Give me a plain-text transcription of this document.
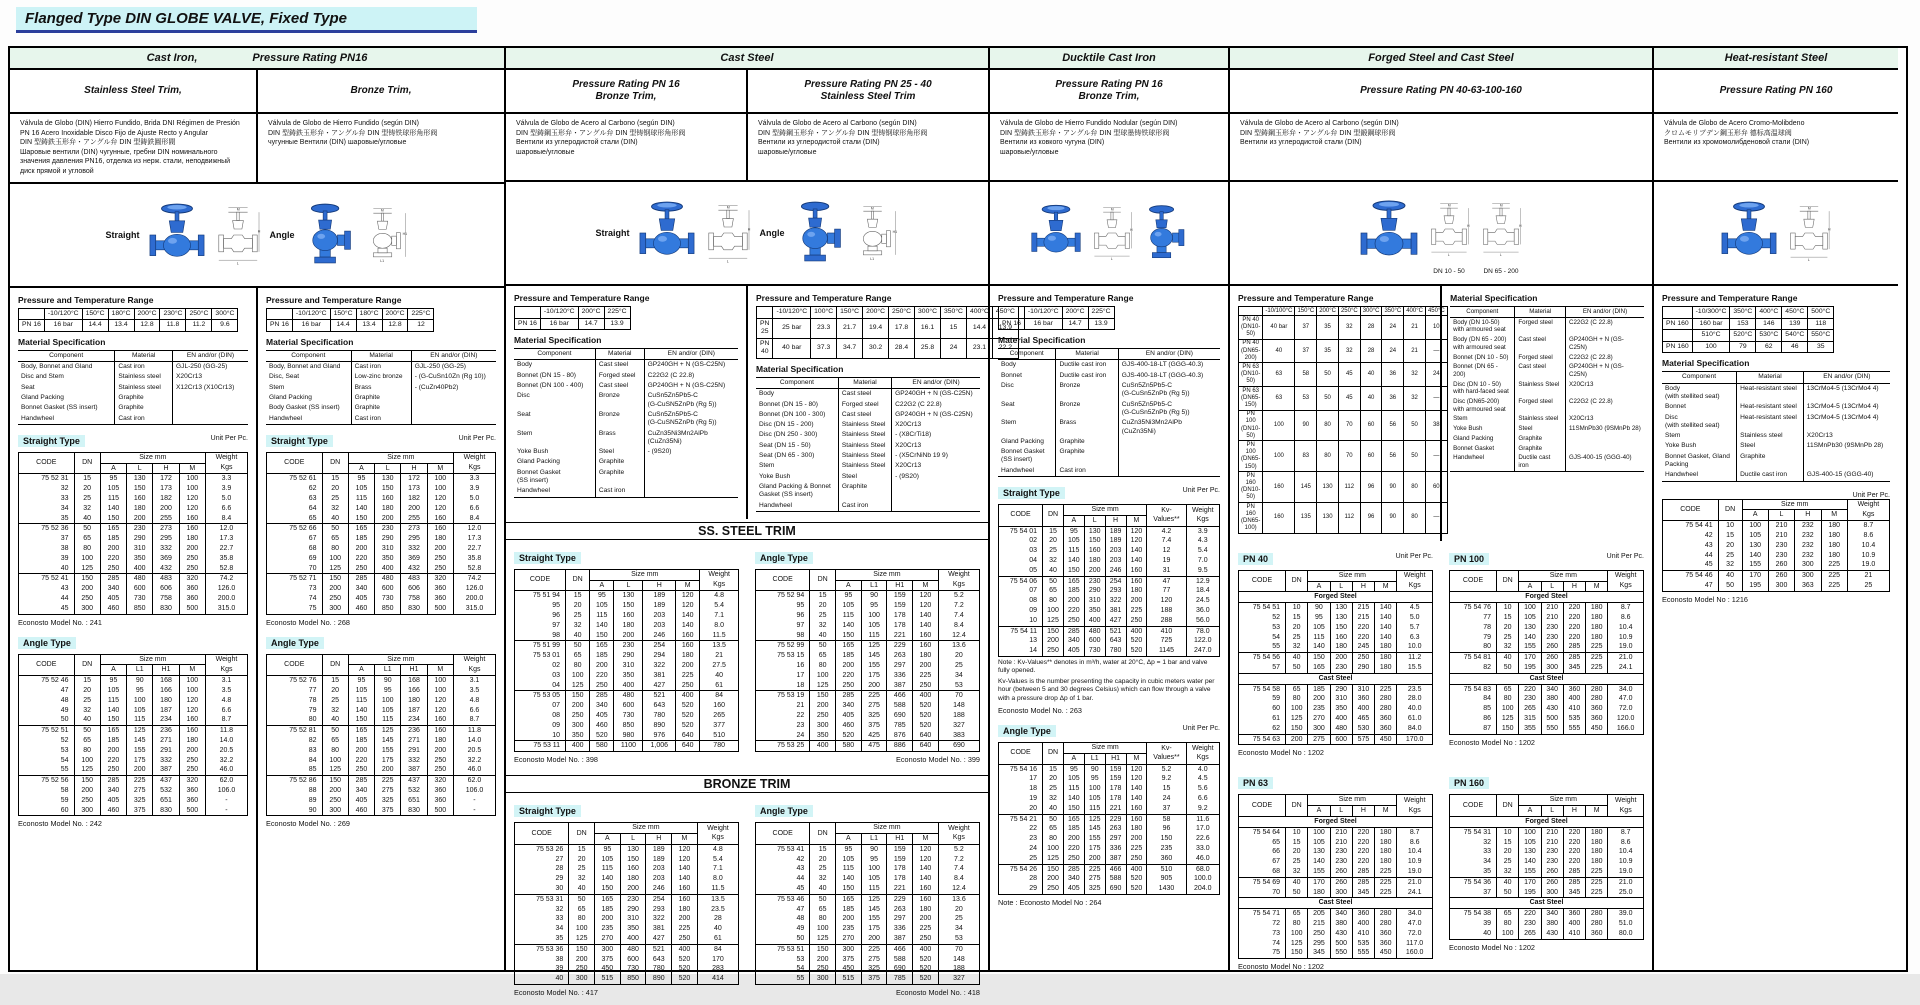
Flanged Type DIN GLOBE VALVE, Fixed Type
Cast Iron,	Pressure Rating PN16
Stainless Steel Trim,	Bronze Trim,
Válvula de Globo (DIN) Hierro Fundido, Brida DNI Régimen de Presión PN 16 Acero Inoxidable Disco Fijo de Ajuste Recto y Angular
DIN 型鋳鉄玉形弁・アングル弁 DIN 型鋳鉄圓形閥
Шаровые вентили (DIN) чугунные, гребни DIN номинального значения давления PN16, отделка из нерж. стали, неподвижный диск прямой и угловой
Válvula de Globo de Hierro Fundido (según DIN)
DIN 型鋳鉄玉形弁・アングル弁 DIN 型铸铁球形角形阀
чугунные Вентили (DIN) шаровые/угловые
Straight	Angle
Pressure and Temperature Range
	-10/120°C	150°C	180°C	200°C	230°C	250°C	300°C
PN 16	16 bar	14.4	13.4	12.8	11.8	11.2	9.6
Material Specification
Component	Material	EN and/or (DIN)
Body, Bonnet and Gland	Cast iron	GJL-250 (GG-25)
Disc and Stem	Stainless steel	X20Cr13
Seat	Stainless steel	X12Cr13 (X10Cr13)
Gland Packing	Graphite	
Bonnet Gasket (SS insert)	Graphite	
Handwheel	Cast iron	
Straight Type	Unit Per Pc.
CODE	DN	Size mm				Weight
Kgs
		A	L	H	M	
75 52 31	15	95	130	172	100	3.3
32	20	105	150	173	100	3.9
33	25	115	160	182	120	5.0
34	32	140	180	200	120	6.6
35	40	150	200	255	160	8.4
75 52 36	50	165	230	273	160	12.0
37	65	185	290	295	180	17.3
38	80	200	310	332	200	22.7
39	100	220	350	369	250	35.8
40	125	250	400	432	250	52.8
75 52 41	150	285	480	483	320	74.2
43	200	340	600	606	360	126.0
44	250	405	730	758	360	200.0
45	300	460	850	830	500	315.0
Econosto Model No. : 241
Angle Type
CODE	DN	Size mm				Weight
Kgs
		A	L1	H1	M	
75 52 46	15	95	90	168	100	3.1
47	20	105	95	166	100	3.5
48	25	115	100	180	120	4.8
49	32	140	105	187	120	6.6
50	40	150	115	234	160	8.7
75 52 51	50	165	125	236	160	11.8
52	65	185	145	271	180	14.0
53	80	200	155	291	200	20.5
54	100	220	175	332	250	32.2
55	125	250	200	387	250	46.0
75 52 56	150	285	225	437	320	62.0
58	200	340	275	532	360	106.0
59	250	405	325	651	360	-
60	300	460	375	830	500	-
Econosto Model No. : 242
Pressure and Temperature Range
	-10/120°C	150°C	180°C	200°C	225°C
PN 16	16 bar	14.4	13.4	12.8	12
Material Specification
Component	Material	EN and/or (DIN)
Body, Bonnet and Gland	Cast iron	GJL-250 (GG-25)
Disc, Seat	Low-zinc bronze	- (G-CuSn10Zn (Rg 10))
Stem	Brass	- (CuZn40Pb2)
Gland Packing	Graphite	
Body Gasket (SS insert)	Graphite	
Handwheel	Cast iron	
Straight Type	Unit Per Pc.
CODE	DN	Size mm				Weight
Kgs
		A	L	H	M	
75 52 61	15	95	130	172	100	3.3
62	20	105	150	173	100	3.9
63	25	115	160	182	120	5.0
64	32	140	180	200	120	6.6
65	40	150	200	255	160	8.4
75 52 66	50	165	230	273	160	12.0
67	65	185	290	295	180	17.3
68	80	200	310	332	200	22.7
69	100	220	350	369	250	35.8
70	125	250	400	432	250	52.8
75 52 71	150	285	480	483	320	74.2
73	200	340	600	606	360	126.0
74	250	405	730	758	360	200.0
75	300	460	850	830	500	315.0
Econosto Model No. : 268
Angle Type
CODE	DN	Size mm				Weight
Kgs
		A	L1	H1	M	
75 52 76	15	95	90	168	100	3.1
77	20	105	95	166	100	3.5
78	25	115	100	180	120	4.8
79	32	140	105	187	120	6.6
80	40	150	115	234	160	8.7
75 52 81	50	165	125	236	160	11.8
82	65	185	145	271	180	14.0
83	80	200	155	291	200	20.5
84	100	220	175	332	250	32.2
85	125	250	200	387	250	46.0
75 52 86	150	285	225	437	320	62.0
88	200	340	275	532	360	106.0
89	250	405	325	651	360	-
90	300	460	375	830	500	-
Econosto Model No. : 269
Cast Steel
Pressure Rating PN 16
Bronze Trim,
Pressure Rating PN 25 - 40
Stainless Steel Trim
Válvula de Globo de Acero al Carbono (según DIN)
DIN 型鋳鋼玉形弁・アングル弁 DIN 型铸钢球形角形阀
Вентили из углеродистой стали (DIN)
шаровые/угловые
Válvula de Globo de Acero al Carbono (según DIN)
DIN 型鋳鋼玉形弁・アングル弁 DIN 型铸钢球形角形阀
Вентили из углеродистой стали (DIN)
шаровые/угловые
Straight	Angle
Pressure and Temperature Range
	-10/120°C	200°C	225°C
PN 16	16 bar	14.7	13.9
Material Specification
Component	Material	EN and/or (DIN)
Body	Cast steel	GP240GH + N (GS-C25N)
Bonnet (DN 15 - 80)	Forged steel	C22G2 (C 22.8)
Bonnet (DN 100 - 400)	Cast steel	GP240GH + N (GS-C25N)
Disc	Bronze	CuSn5Zn5Pb5-C
(G-CuSN5ZnPb (Rg 5))
Seat	Bronze	CuSn5Zn5Pb5-C
(G-CuSN5ZnPb (Rg 5))
Stem	Brass	CuZn35Ni3Mn2AlPb
(CuZn35Ni)
Yoke Bush	Steel	- (9S20)
Gland Packing	Graphite	
Bonnet Gasket
(SS insert)	Graphite	
Handwheel	Cast iron	
Pressure and Temperature Range
	-10/120°C	100°C	150°C	200°C	250°C	300°C	350°C	400°C	450°C
PN 25	25 bar	23.3	21.7	19.4	17.8	16.1	15	14.4	13.9
PN 40	40 bar	37.3	34.7	30.2	28.4	25.8	24	23.1	22.2
Material Specification
Component	Material	EN and/or (DIN)
Body	Cast steel	GP240GH + N (GS-C25N)
Bonnet (DN 15 - 80)	Forged steel	C22G2 (C 22.8)
Bonnet (DN 100 - 300)	Cast steel	GP240GH + N (GS-C25N)
Disc (DN 15 - 200)	Stainless Steel	X20Cr13
Disc (DN 250 - 300)	Stainless Steel	- (X8CrTi18)
Seat (DN 15 - 50)	Stainless Steel	X20Cr13
Seat (DN 65 - 300)	Stainless Steel	- (X5CrNiNb 19 9)
Stem	Stainless Steel	X20Cr13
Yoke Bush	Steel	- (9S20)
Gland Packing & Bonnet
Gasket (SS insert)	Graphite	
Handwheel	Cast iron	
SS. STEEL TRIM
Straight Type
CODE	DN	Size mm				Weight
Kgs
		A	L	H	M	
75 51 94	15	95	130	189	120	4.8
95	20	105	150	189	120	5.4
96	25	115	160	203	140	7.1
97	32	140	180	203	140	8.0
98	40	150	200	246	160	11.5
75 51 99	50	165	230	254	160	13.5
75 53 01	65	185	290	294	180	21
02	80	200	310	322	200	27.5
03	100	220	350	381	225	40
04	125	250	400	427	250	61
75 53 05	150	285	480	521	400	84
07	200	340	600	643	520	160
08	250	405	730	780	520	265
09	300	460	850	890	520	377
10	350	520	980	976	640	510
75 53 11	400	580	1100	1,006	640	780
Econosto Model No. : 398
Angle Type
CODE	DN	Size mm				Weight
Kgs
		A	L1	H1	M	
75 52 94	15	95	90	159	120	5.2
95	20	105	95	159	120	7.2
96	25	115	100	178	140	7.4
97	32	140	105	178	140	8.4
98	40	150	115	221	160	12.4
75 52 99	50	165	125	229	160	13.6
75 53 15	65	185	145	263	180	20
16	80	200	155	297	200	25
17	100	220	175	336	225	34
18	125	250	200	387	250	53
75 53 19	150	285	225	466	400	70
21	200	340	275	588	520	148
22	250	405	325	690	520	188
23	300	460	375	785	520	327
24	350	520	425	876	640	383
75 53 25	400	580	475	886	640	690
Econosto Model No. : 399
BRONZE TRIM
Straight Type
CODE	DN	Size mm				Weight
Kgs
		A	L	H	M	
75 53 26	15	95	130	189	120	4.8
27	20	105	150	189	120	5.4
28	25	115	160	203	140	7.1
29	32	140	180	203	140	8.0
30	40	150	200	246	160	11.5
75 53 31	50	165	230	254	160	13.5
32	65	185	290	293	180	23.5
33	80	200	310	322	200	28
34	100	235	350	381	225	40
35	125	270	400	427	250	61
75 53 36	150	300	480	521	400	84
38	200	375	600	643	520	170
39	250	450	730	780	520	283
40	300	515	850	890	520	414
Econosto Model No. : 417
Angle Type
CODE	DN	Size mm				Weight
Kgs
		A	L1	H1	M	
75 53 41	15	95	90	159	120	5.2
42	20	105	95	159	120	7.2
43	25	115	100	178	140	7.4
44	32	140	105	178	140	8.4
45	40	150	115	221	160	12.4
75 53 46	50	165	125	229	160	13.6
47	65	185	145	263	180	20
48	80	200	155	297	200	25
49	100	235	175	336	225	34
50	125	270	200	387	250	53
75 53 51	150	300	225	466	400	70
53	200	375	275	588	520	148
54	250	450	325	690	520	188
55	300	515	375	785	520	327
Econosto Model No. : 418
Ducktile Cast Iron
Pressure Rating PN 16
Bronze Trim,
Válvula de Globo de Hierro Fundido Nodular (según DIN)
DIN 型鋳鉄玉形弁・アングル弁 DIN 型球墨铸铁球形阀
Вентили из ковкого чугуна (DIN)
шаровые/угловые
Pressure and Temperature Range
	-10/120°C	200°C	225°C
PN 16	16 bar	14.7	13.9
Material Specification
Component	Material	EN and/or (DIN)
Body	Ductile cast iron	GJS-400-18-LT (GGG-40.3)
Bonnet	Ductile cast iron	GJS-400-18-LT (GGG-40.3)
Disc	Bronze	CuSn5Zn5Pb5-C
(G-CuSn5ZnPb (Rg 5))
Seat	Bronze	CuSn5Zn5Pb5-C
(G-CuSn5ZnPb (Rg 5))
Stem	Brass	CuZn35Ni3Mn2AlPb
(CuZn35Ni)
Gland Packing	Graphite	
Bonnet Gasket
(SS insert)	Graphite	
Handwheel	Cast iron	
Straight Type	Unit Per Pc.
CODE	DN	Size mm				Kv-
Values**	Weight
Kgs
		A	L	H	M		
75 54 01	15	95	130	189	120	4.2	3.9
02	20	105	150	189	120	7.4	4.3
03	25	115	160	203	140	12	5.4
04	32	140	180	203	140	19	7.0
05	40	150	200	246	160	31	9.5
75 54 06	50	165	230	254	160	47	12.9
07	65	185	290	293	180	77	18.4
08	80	200	310	322	200	120	24.5
09	100	220	350	381	225	188	36.0
10	125	250	400	427	250	288	56.0
75 54 11	150	285	480	521	400	410	78.0
13	200	340	600	643	520	725	122.0
14	250	405	730	780	520	1145	247.0
Note : Kv-Values** denotes in m³/h, water at 20°C, Δp = 1 bar and valve fully opened.
Kv-Values is the number presenting the capacity in cubic meters water per hour (between 5 and 30 degrees Celsius) which can flow through a valve with a pressure drop Δp of 1 bar.
Econosto Model No. : 263
Angle Type	Unit Per Pc.
CODE	DN	Size mm				Kv-
Values**	Weight
Kgs
		A	L1	H1	M		
75 54 16	15	95	90	159	120	5.2	4.0
17	20	105	95	159	120	9.2	4.5
18	25	115	100	178	140	15	5.6
19	32	140	105	178	140	24	6.6
20	40	150	115	221	160	37	9.2
75 54 21	50	165	125	229	160	58	11.6
22	65	185	145	263	180	96	17.0
23	80	200	155	297	200	150	22.6
24	100	220	175	336	225	235	33.0
25	125	250	200	387	250	360	46.0
75 54 26	150	285	225	466	400	510	68.0
28	200	340	275	588	520	905	100.0
29	250	405	325	690	520	1430	204.0
Note : Econosto Model No : 264
Forged Steel and Cast Steel
Pressure Rating PN 40-63-100-160
Válvula de Globo de Acero al Carbono (según DIN)
DIN 型鋳鋼玉形弁・アングル弁 DIN 型鍛鋼球形阀
Вентили из углеродистой стали (DIN)
DN 10 - 50	DN 65 - 200
Pressure and Temperature Range
	-10/100°C	150°C	200°C	250°C	300°C	350°C	400°C	450°C
PN 40
(DN10-50)	40 bar	37	35	32	28	24	21	10
PN 40
(DN65-200)	40	37	35	32	28	24	21	—
PN 63
(DN10-50)	63	58	50	45	40	36	32	24
PN 63
(DN65-150)	63	53	50	45	40	36	32	—
PN 100
(DN10-50)	100	90	80	70	60	56	50	38
PN 100
(DN65-150)	100	83	80	70	60	56	50	—
PN 160
(DN10-50)	160	145	130	112	96	90	80	60
PN 160
(DN65-100)	160	135	130	112	96	90	80	—
Material Specification
Component	Material	EN and/or (DIN)
Body (DN 10-50)
with armoured seat	Forged steel	C22G2 (C 22.8)
Body (DN 65 - 200)
with armoured seat	Cast steel	GP240GH + N (GS-C25N)
Bonnet (DN 10 - 50)	Forged steel	C22G2 (C 22.8)
Bonnet (DN 65 - 200)	Cast steel	GP240GH + N (GS-C25N)
Disc (DN 10 - 50)
with hard-faced seat	Stainless Steel	X20Cr13
Disc (DN65-200)
with armoured seat	Forged steel	C22G2 (C 22.8)
Stem	Stainless steel	X20Cr13
Yoke Bush	Steel	11SMnPb30 (9SMnPb 28)
Gland Packing	Graphite	
Bonnet Gasket	Graphite	
Handwheel	Ductile cast iron	GJS-400-15 (GGG-40)
PN 40	Unit Per Pc.
CODE	DN	Size mm				Weight
Kgs
		A	L	H	M	
Forged Steel						
75 54 51	10	90	130	215	140	4.5
52	15	95	130	215	140	5.0
53	20	105	150	220	140	5.7
54	25	115	160	220	140	6.3
55	32	140	180	245	180	10.0
75 54 56	40	150	200	250	180	11.2
57	50	165	230	290	180	15.5
Cast Steel						
75 54 58	65	185	290	310	225	23.5
59	80	200	310	360	280	28.0
60	100	235	350	400	280	40.0
61	125	270	400	465	360	61.0
62	150	300	480	530	360	84.0
75 54 63	200	275	600	575	450	170.0
Econosto Model No : 1202
PN 100	Unit Per Pc.
CODE	DN	Size mm				Weight
Kgs
		A	L	H	M	
Forged Steel						
75 54 76	10	100	210	220	180	8.7
77	15	105	210	220	180	8.6
78	20	130	230	220	180	10.4
79	25	140	230	220	180	10.9
80	32	155	260	285	225	19.0
75 54 81	40	170	260	285	225	21.0
82	50	195	300	345	225	24.1
Cast Steel						
75 54 83	65	220	340	360	280	34.0
84	80	230	380	400	280	47.0
85	100	265	430	410	360	72.0
86	125	315	500	535	360	120.0
87	150	355	550	555	450	166.0
Econosto Model No : 1202
PN 63
CODE	DN	Size mm				Weight
Kgs
		A	L	H	M	
Forged Steel						
75 54 64	10	100	210	220	180	8.7
65	15	105	210	220	180	8.6
66	20	130	230	220	180	10.4
67	25	140	230	220	180	10.9
68	32	155	260	285	225	19.0
75 54 69	40	170	260	285	225	21.0
70	50	180	300	345	225	24.1
Cast Steel						
75 54 71	65	205	340	360	280	34.0
72	80	215	380	400	280	47.0
73	100	250	430	410	360	72.0
74	125	295	500	535	360	117.0
75	150	345	550	555	450	160.0
Econosto Model No : 1202
PN 160
CODE	DN	Size mm				Weight
Kgs
		A	L	H	M	
Forged Steel						
75 54 31	10	100	210	220	180	8.7
32	15	105	210	220	180	8.6
33	20	130	230	220	180	10.4
34	25	140	230	220	180	10.9
35	32	155	260	285	225	19.0
75 54 36	40	170	260	285	225	21.0
37	50	195	300	345	225	25.0
Cast Steel						
75 54 38	65	220	340	360	280	39.0
39	80	230	380	400	280	51.0
40	100	265	430	410	360	80.0
Econosto Model No : 1202
Heat-resistant Steel
Pressure Rating PN 160
Válvula de Globo de Acero Cromo-Molibdeno
クロムモリブデン鋼玉形弁 德标高温球阀
Вентили из хромомолибденовой стали (DIN)
Pressure and Temperature Range
	-10/300°C	350°C	400°C	450°C	500°C
PN 160	160 bar	153	146	139	118
	510°C	520°C	530°C	540°C	550°C
PN 160	100	79	62	46	35
Material Specification
Component	Material	EN and/or (DIN)
Body
(with stellited seat)	Heat-resistant steel	13CrMo4-5 (13CrMo4 4)
Bonnet	Heat-resistant steel	13CrMo4-5 (13CrMo4 4)
Disc
(with stellited seat)	Heat-resistant steel	13CrMo4-5 (13CrMo4 4)
Stem	Stainless steel	X20Cr13
Yoke Bush	Steel	11SMnPb30 (9SMnPb 28)
Bonnet Gasket, Gland
Packing	Graphite	
Handwheel	Ductile cast iron	GJS-400-15 (GGG-40)
Unit Per Pc.
CODE	DN	Size mm				Weight
Kgs
		A	L	H	M	
75 54 41	10	100	210	232	180	8.7
42	15	105	210	232	180	8.6
43	20	130	230	232	180	10.4
44	25	140	230	232	180	10.9
45	32	155	260	300	225	19.0
75 54 46	40	170	260	300	225	21
47	50	195	300	363	225	25
Econosto Model No : 1216
